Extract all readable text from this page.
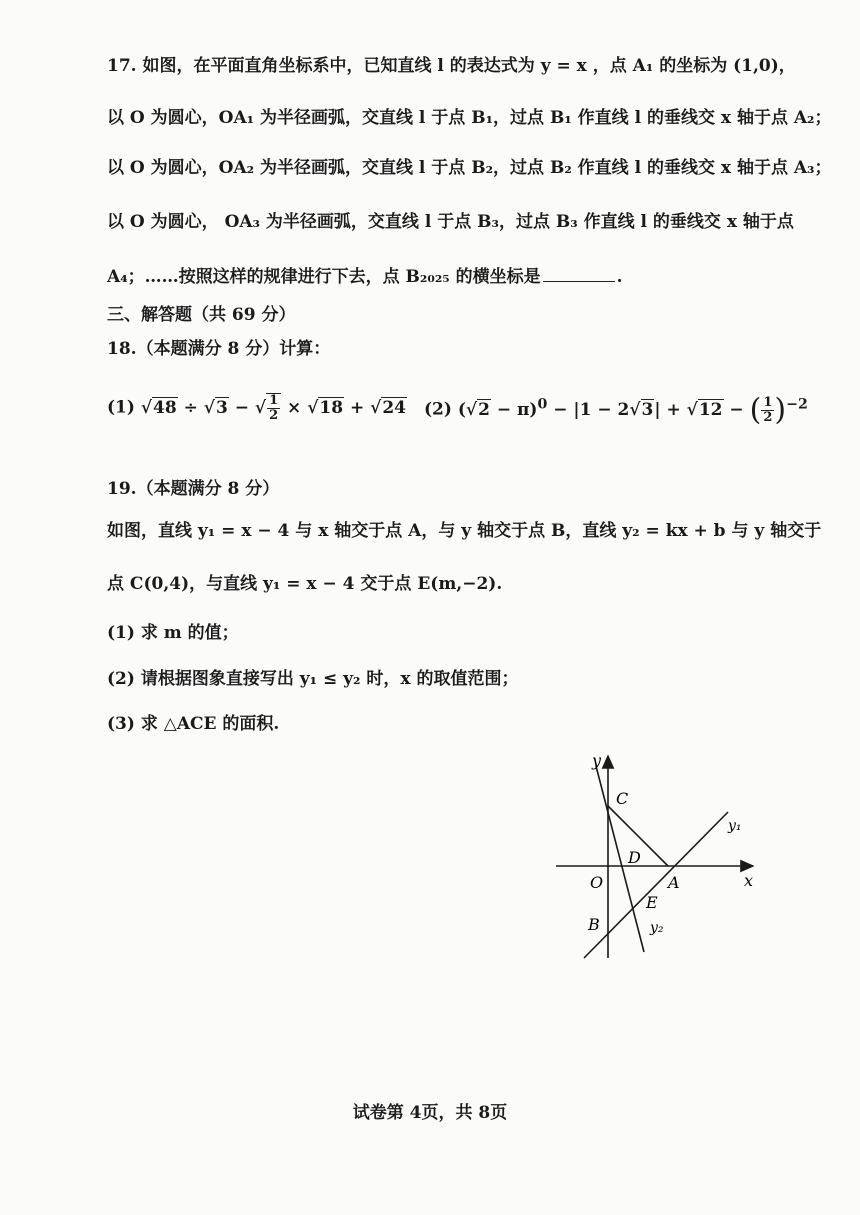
17. 如图，在平面直角坐标系中，已知直线 l 的表达式为 y = x ，点 A₁ 的坐标为 (1,0)，
以 O 为圆心，OA₁ 为半径画弧，交直线 l 于点 B₁，过点 B₁ 作直线 l 的垂线交 x 轴于点 A₂；
以 O 为圆心，OA₂ 为半径画弧，交直线 l 于点 B₂，过点 B₂ 作直线 l 的垂线交 x 轴于点 A₃；
以 O 为圆心， OA₃ 为半径画弧，交直线 l 于点 B₃，过点 B₃ 作直线 l 的垂线交 x 轴于点
A₄；……按照这样的规律进行下去，点 B₂₀₂₅ 的横坐标是	.
三、解答题（共 69 分）
18.（本题满分 8 分）计算：
(1) √48 ÷ √3 − √ $\frac{1}{2} \times √18 + √24$ (2) $(√2 - \pi)^0 - |1 - 2√3| + √12$ − ( $\frac{1}{2} )^{-2}$
19.（本题满分 8 分）
如图，直线 y₁ = x − 4 与 x 轴交于点 A，与 y 轴交于点 B，直线 y₂ = kx + b 与 y 轴交于
点 C(0,4)，与直线 y₁ = x − 4 交于点 E(m,−2).
(1) 求 m 的值；
(2) 请根据图象直接写出 y₁ ≤ y₂ 时，x 的取值范围；
(3) 求 △ACE 的面积.
y
x
O	A
B
C
D
E
y₁
y₂
试卷第 4页，共 8页
